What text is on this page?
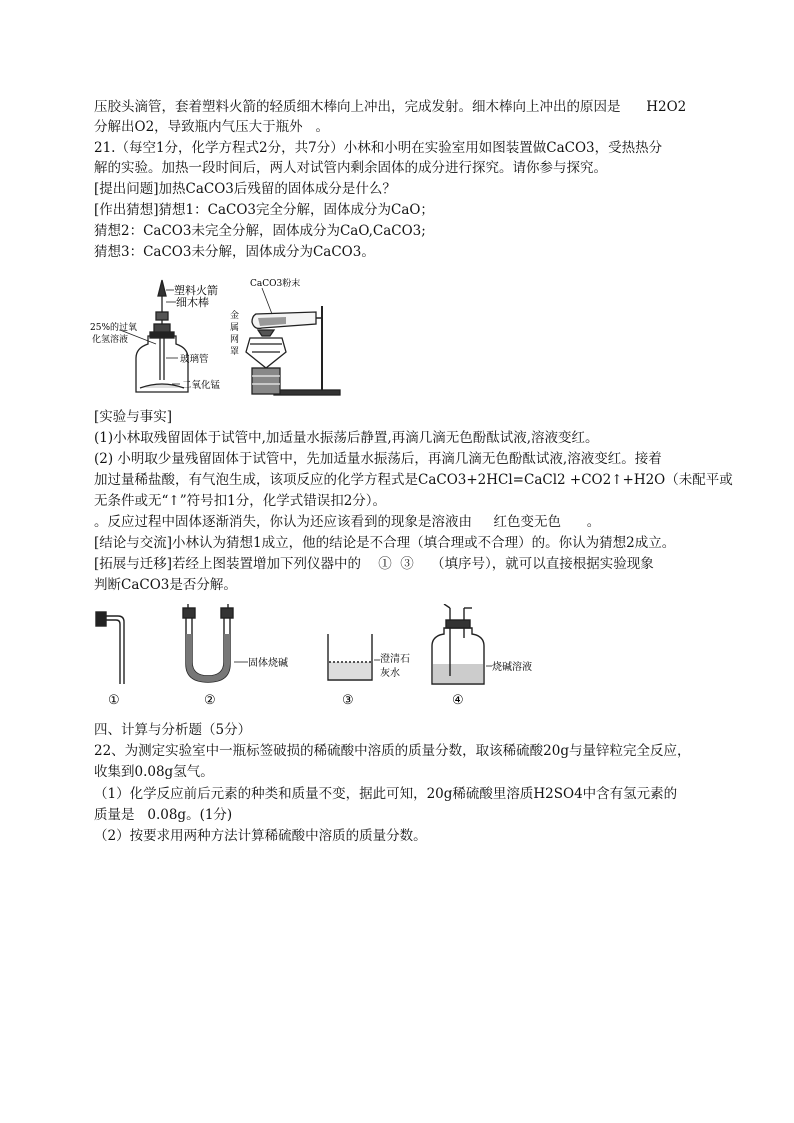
压胶头滴管，套着塑料火箭的轻质细木棒向上冲出，完成发射。细木棒向上冲出的原因是      H2O2
分解出O2，导致瓶内气压大于瓶外   。
21.（每空1分，化学方程式2分，共7分）小林和小明在实验室用如图装置做CaCO3，受热热分
解的实验。加热一段时间后，两人对试管内剩余固体的成分进行探究。请你参与探究。
[提出问题]加热CaCO3后残留的固体成分是什么？
[作出猜想]猜想1：CaCO3完全分解，固体成分为CaO；
猜想2：CaCO3未完全分解，固体成分为CaO,CaCO3;
猜想3：CaCO3未分解，固体成分为CaCO3。
塑料火箭
细木棒
25%的过氧
化氢溶液
玻璃管
二氧化锰
CaCO3粉末
金
属
网
罩
[实验与事实]
(1)小林取残留固体于试管中,加适量水振荡后静置,再滴几滴无色酚酞试液,溶液变红。
(2) 小明取少量残留固体于试管中，先加适量水振荡后，再滴几滴无色酚酞试液,溶液变红。接着
加过量稀盐酸，有气泡生成，该项反应的化学方程式是CaCO3+2HCl=CaCl2 +CO2↑+H2O（未配平或
无条件或无“↑”符号扣1分，化学式错误扣2分）。
。反应过程中固体逐渐消失，你认为还应该看到的现象是溶液由     红色变无色      。
[结论与交流]小林认为猜想1成立，他的结论是不合理（填合理或不合理）的。你认为猜想2成立。
[拓展与迁移]若经上图装置增加下列仪器中的    ①  ③    （填序号），就可以直接根据实验现象
判断CaCO3是否分解。
①
固体烧碱
②
澄清石
灰水
③
烧碱溶液
④
四、计算与分析题（5分）
22、为测定实验室中一瓶标签破损的稀硫酸中溶质的质量分数，取该稀硫酸20g与量锌粒完全反应，
收集到0.08g氢气。
（1）化学反应前后元素的种类和质量不变，据此可知，20g稀硫酸里溶质H2SO4中含有氢元素的
质量是   0.08g。(1分)
（2）按要求用两种方法计算稀硫酸中溶质的质量分数。
